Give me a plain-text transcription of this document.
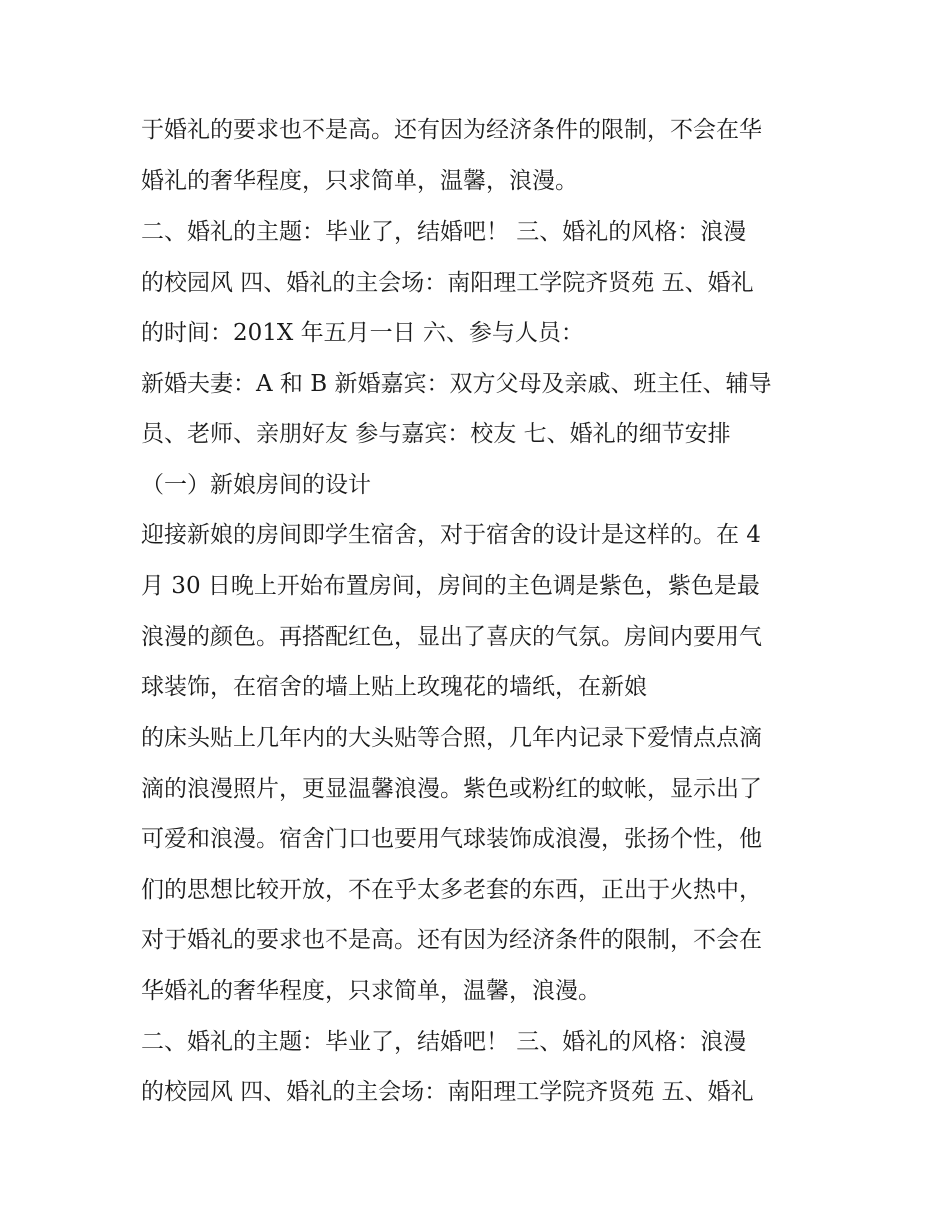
于婚礼的要求也不是高。还有因为经济条件的限制，不会在华
婚礼的奢华程度，只求简单，温馨，浪漫。
二、婚礼的主题：毕业了，结婚吧！ 三、婚礼的风格：浪漫
的校园风 四、婚礼的主会场：南阳理工学院齐贤苑 五、婚礼
的时间：201X 年五月一日 六、参与人员：
新婚夫妻：A 和 B 新婚嘉宾：双方父母及亲戚、班主任、辅导
员、老师、亲朋好友 参与嘉宾：校友 七、婚礼的细节安排
（一）新娘房间的设计
迎接新娘的房间即学生宿舍，对于宿舍的设计是这样的。在 4
月 30 日晚上开始布置房间，房间的主色调是紫色，紫色是最
浪漫的颜色。再搭配红色，显出了喜庆的气氛。房间内要用气
球装饰，在宿舍的墙上贴上玫瑰花的墙纸，在新娘
的床头贴上几年内的大头贴等合照，几年内记录下爱情点点滴
滴的浪漫照片，更显温馨浪漫。紫色或粉红的蚊帐，显示出了
可爱和浪漫。宿舍门口也要用气球装饰成浪漫，张扬个性，他
们的思想比较开放，不在乎太多老套的东西，正出于火热中，
对于婚礼的要求也不是高。还有因为经济条件的限制，不会在
华婚礼的奢华程度，只求简单，温馨，浪漫。
二、婚礼的主题：毕业了，结婚吧！ 三、婚礼的风格：浪漫
的校园风 四、婚礼的主会场：南阳理工学院齐贤苑 五、婚礼
